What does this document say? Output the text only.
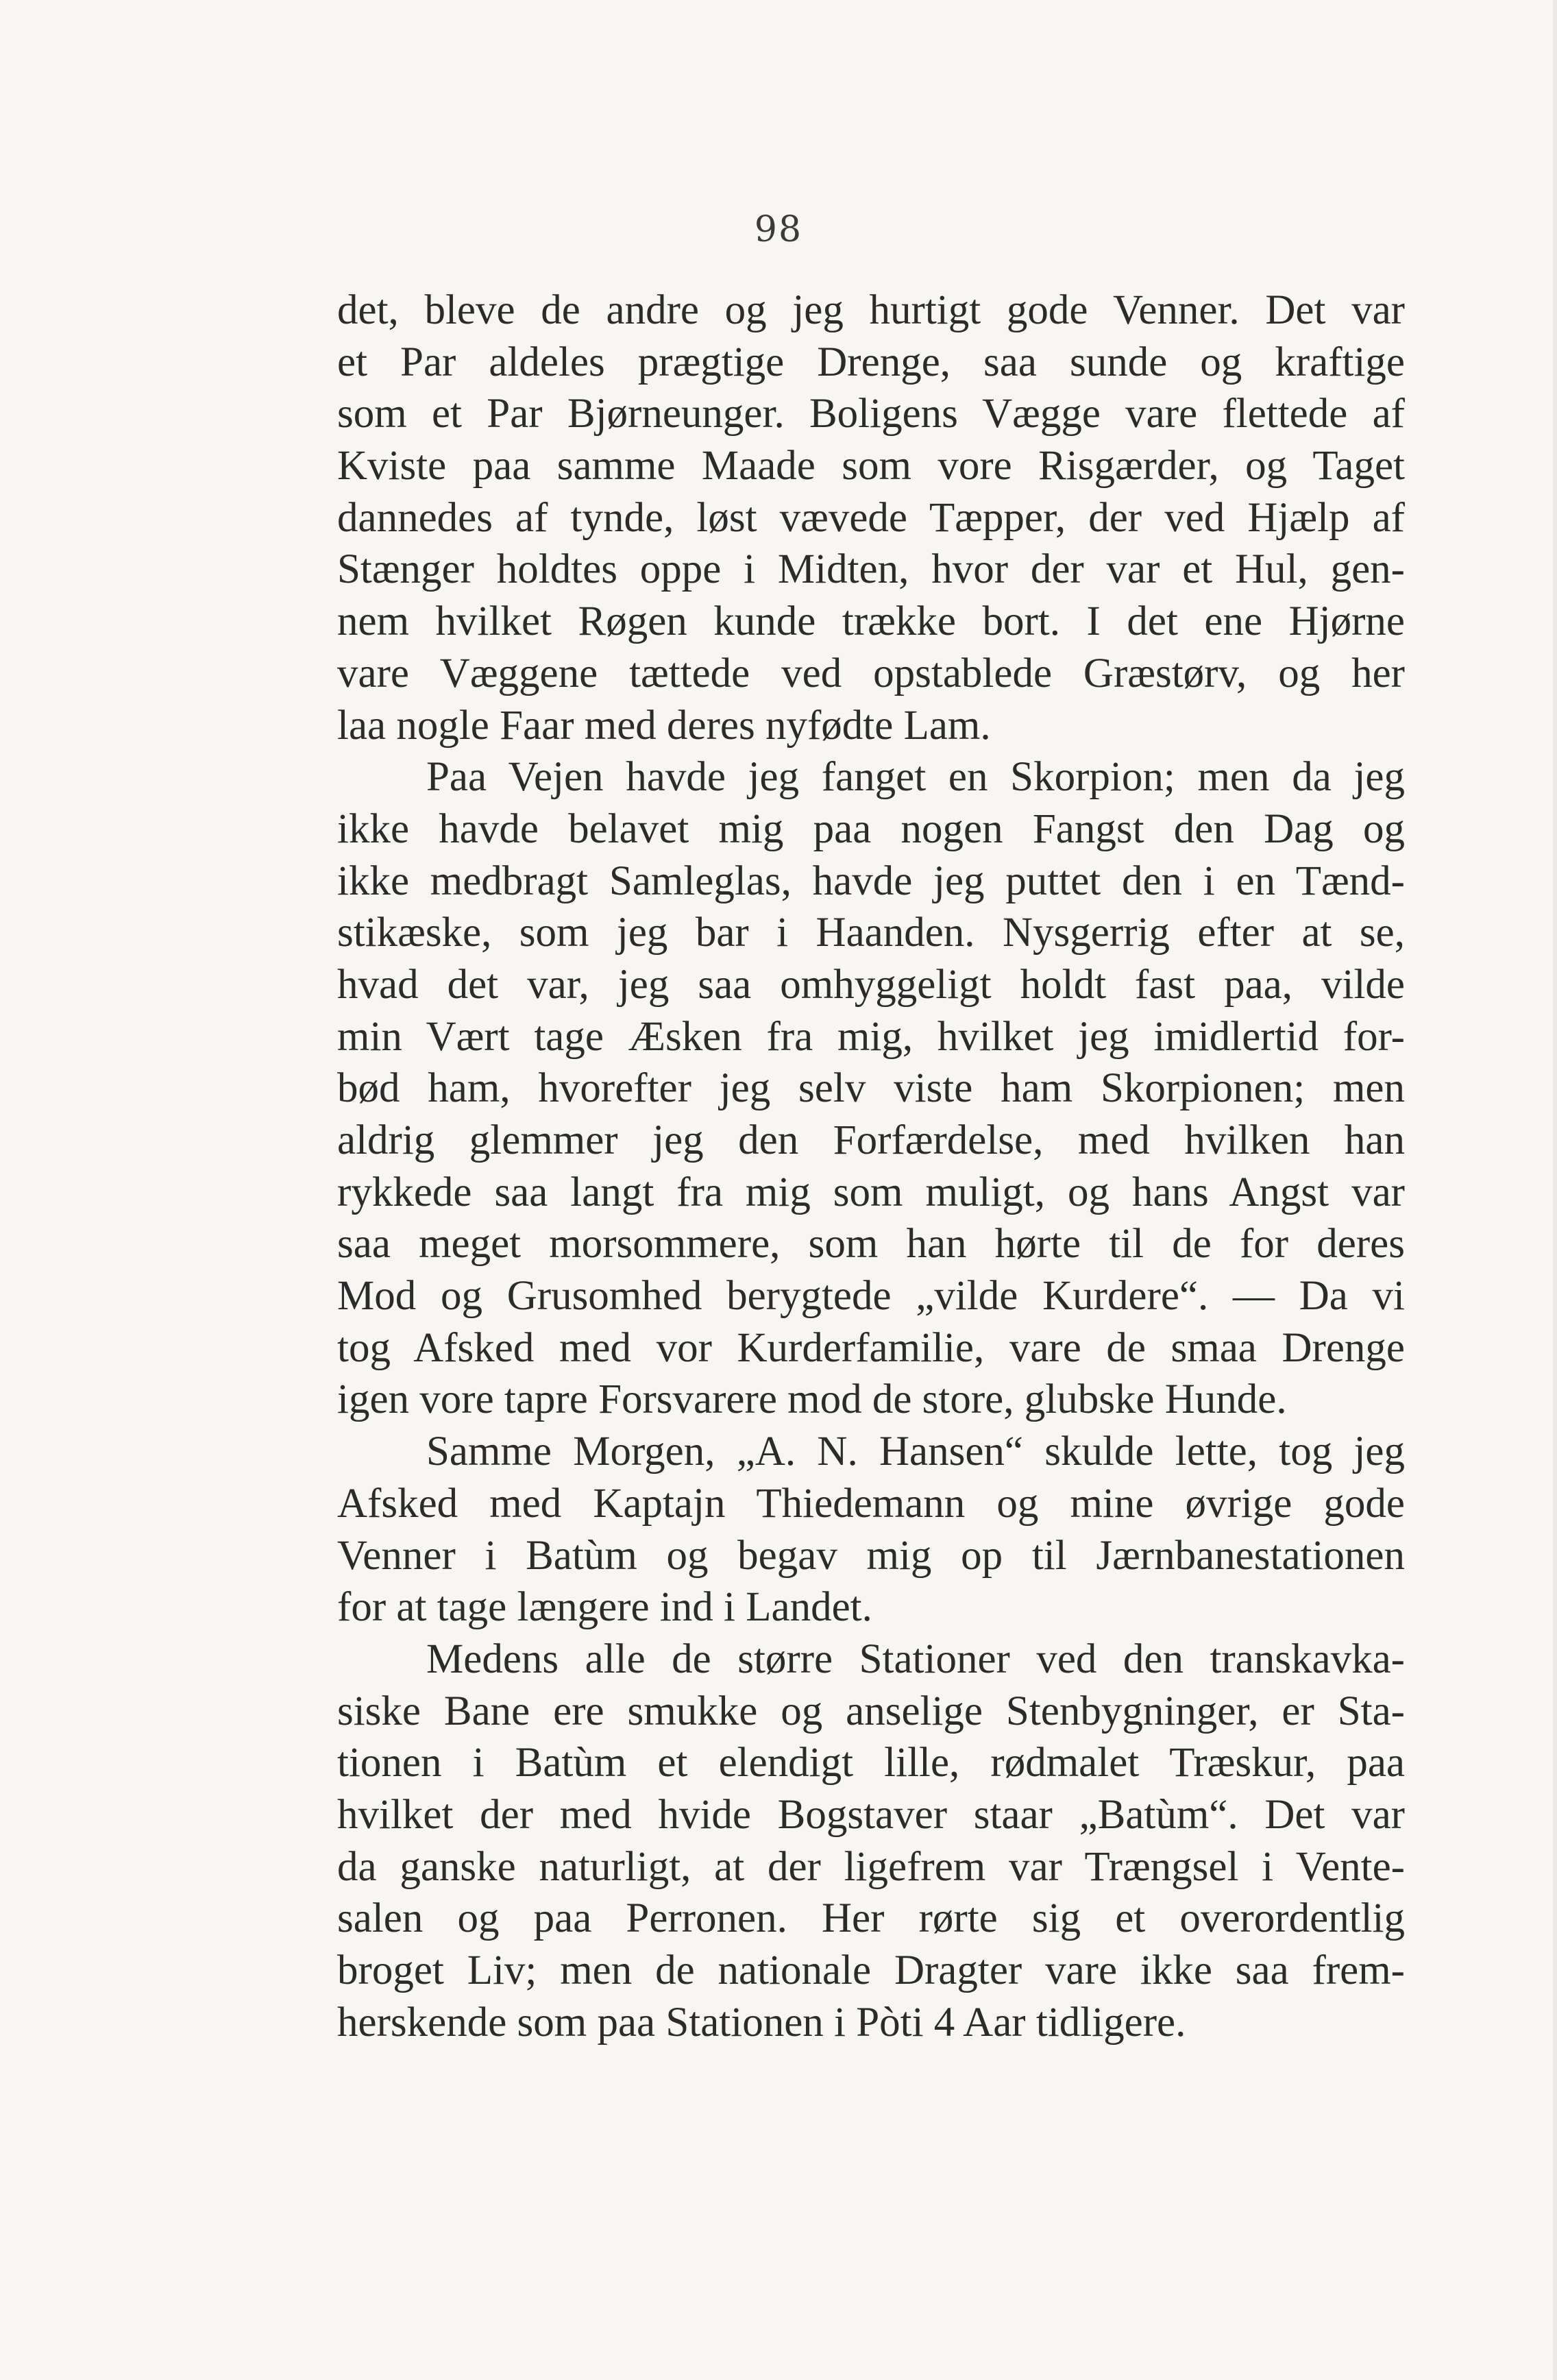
98
det, bleve de andre og jeg hurtigt gode Venner. Det var
et Par aldeles prægtige Drenge, saa sunde og kraftige
som et Par Bjørneunger. Boligens Vægge vare flettede af
Kviste paa samme Maade som vore Risgærder, og Taget
dannedes af tynde, løst vævede Tæpper, der ved Hjælp af
Stænger holdtes oppe i Midten, hvor der var et Hul, gen-
nem hvilket Røgen kunde trække bort. I det ene Hjørne
vare Væggene tættede ved opstablede Græstørv, og her
laa nogle Faar med deres nyfødte Lam.
Paa Vejen havde jeg fanget en Skorpion; men da jeg
ikke havde belavet mig paa nogen Fangst den Dag og
ikke medbragt Samleglas, havde jeg puttet den i en Tænd-
stikæske, som jeg bar i Haanden. Nysgerrig efter at se,
hvad det var, jeg saa omhyggeligt holdt fast paa, vilde
min Vært tage Æsken fra mig, hvilket jeg imidlertid for-
bød ham, hvorefter jeg selv viste ham Skorpionen; men
aldrig glemmer jeg den Forfærdelse, med hvilken han
rykkede saa langt fra mig som muligt, og hans Angst var
saa meget morsommere, som han hørte til de for deres
Mod og Grusomhed berygtede „vilde Kurdere“. — Da vi
tog Afsked med vor Kurderfamilie, vare de smaa Drenge
igen vore tapre Forsvarere mod de store, glubske Hunde.
Samme Morgen, „A. N. Hansen“ skulde lette, tog jeg
Afsked med Kaptajn Thiedemann og mine øvrige gode
Venner i Batùm og begav mig op til Jærnbanestationen
for at tage længere ind i Landet.
Medens alle de større Stationer ved den transkavka-
siske Bane ere smukke og anselige Stenbygninger, er Sta-
tionen i Batùm et elendigt lille, rødmalet Træskur, paa
hvilket der med hvide Bogstaver staar „Batùm“. Det var
da ganske naturligt, at der ligefrem var Trængsel i Vente-
salen og paa Perronen. Her rørte sig et overordentlig
broget Liv; men de nationale Dragter vare ikke saa frem-
herskende som paa Stationen i Pòti 4 Aar tidligere.
